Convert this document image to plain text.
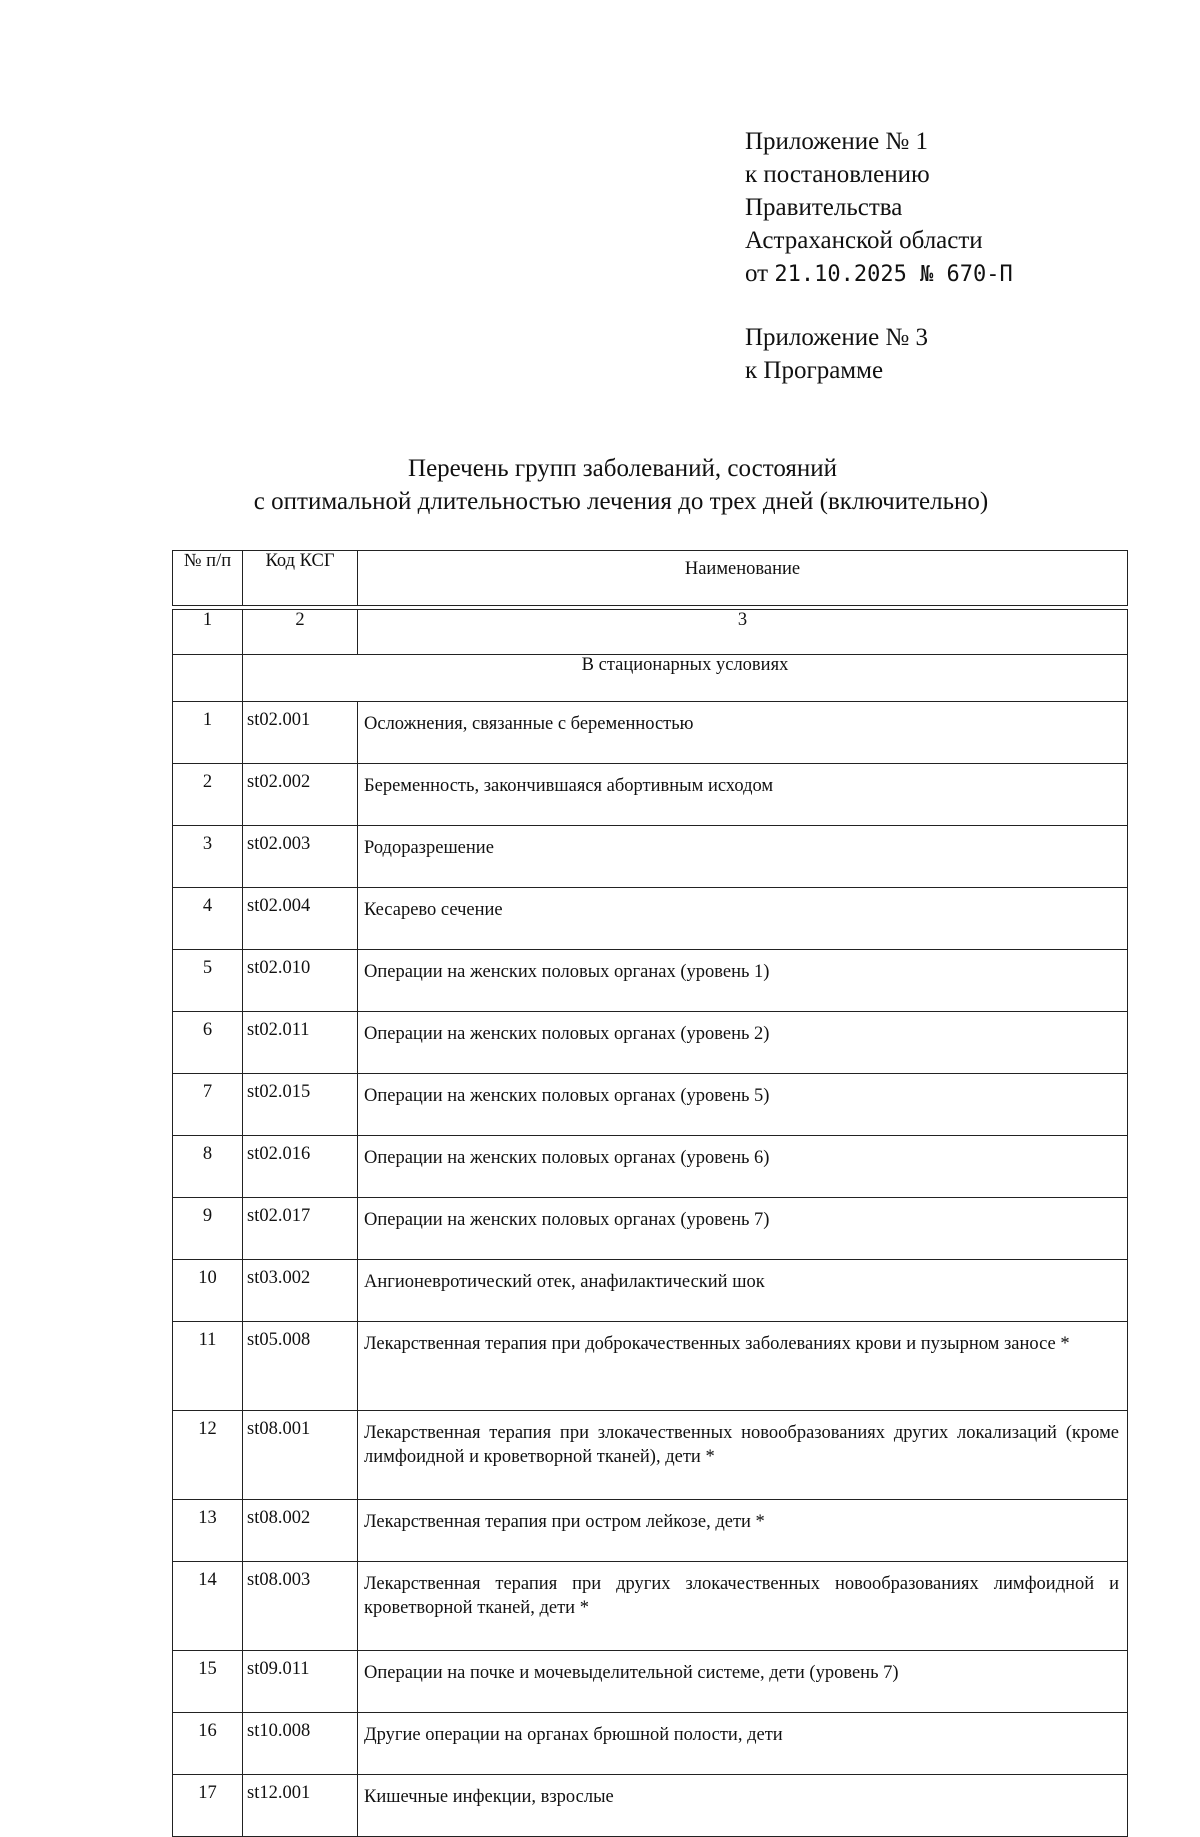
Приложение № 1
к постановлению
Правительства
Астраханской области
от 21.10.2025 № 670-П
Приложение № 3
к Программе
Перечень групп заболеваний, состояний
с оптимальной длительностью лечения до трех дней (включительно)
№ п/п	Код КСГ	Наименование

1	2	3
	В стационарных условиях	
1	st02.001	Осложнения, связанные с беременностью
2	st02.002	Беременность, закончившаяся абортивным исходом
3	st02.003	Родоразрешение
4	st02.004	Кесарево сечение
5	st02.010	Операции на женских половых органах (уровень 1)
6	st02.011	Операции на женских половых органах (уровень 2)
7	st02.015	Операции на женских половых органах (уровень 5)
8	st02.016	Операции на женских половых органах (уровень 6)
9	st02.017	Операции на женских половых органах (уровень 7)
10	st03.002	Ангионевротический отек, анафилактический шок
11	st05.008	Лекарственная терапия при доброкачественных заболеваниях крови и пузырном заносе *
12	st08.001	Лекарственная терапия при злокачественных новообразованиях других локализаций (кроме лимфоидной и кроветворной тканей), дети *
13	st08.002	Лекарственная терапия при остром лейкозе, дети *
14	st08.003	Лекарственная терапия при других злокачественных новообразованиях лимфоидной и кроветворной тканей, дети *
15	st09.011	Операции на почке и мочевыделительной системе, дети (уровень 7)
16	st10.008	Другие операции на органах брюшной полости, дети
17	st12.001	Кишечные инфекции, взрослые
